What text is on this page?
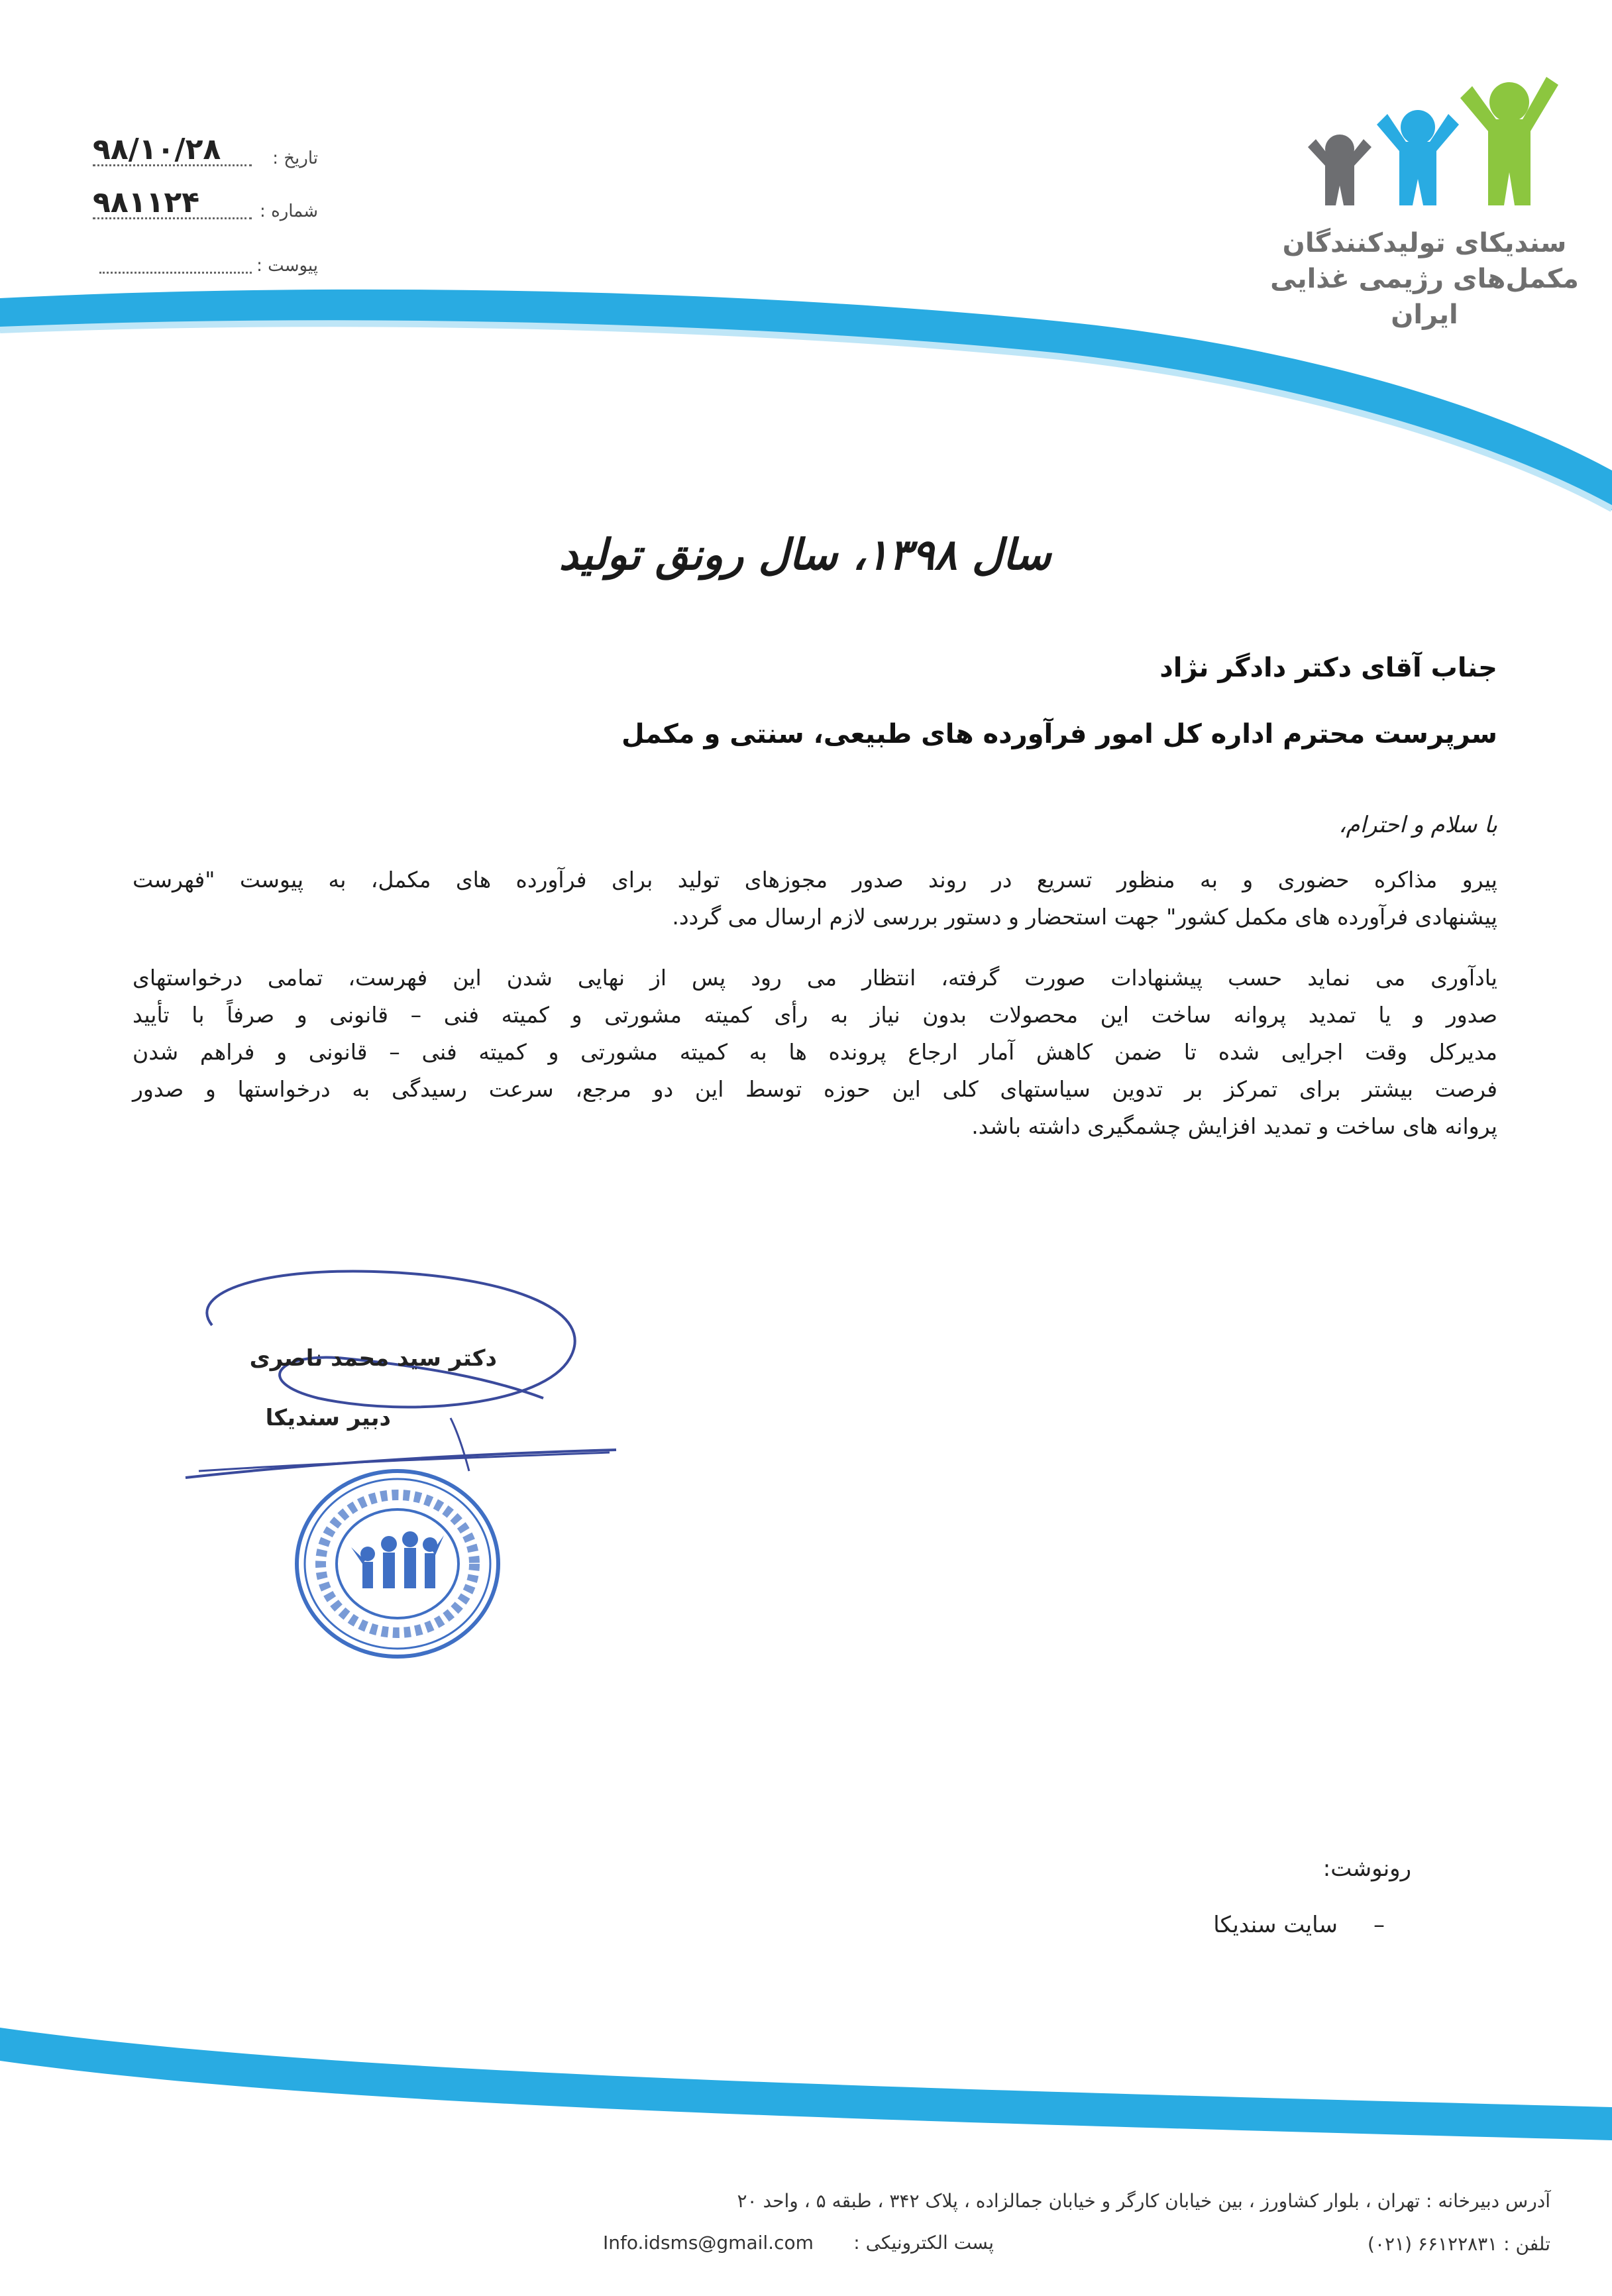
۹۸/۱۰/۲۸	تاریخ :
۹۸۱۱۲۴	شماره :
پیوست :
سندیکای تولیدکنندگان
مکمل‌های رژیمی غذایی
ایران
سال ۱۳۹۸، سال رونق تولید
جناب آقای دکتر دادگر نژاد
سرپرست محترم اداره کل امور فرآورده های طبیعی، سنتی و مکمل
با سلام و احترام،
پیرو مذاکره حضوری و به منظور تسریع در روند صدور مجوزهای تولید برای فرآورده های مکمل، به پیوست "فهرست
پیشنهادی فرآورده های مکمل کشور" جهت استحضار و دستور بررسی لازم ارسال می گردد.
یادآوری می نماید حسب پیشنهادات صورت گرفته، انتظار می رود پس از نهایی شدن این فهرست، تمامی درخواستهای
صدور و یا تمدید پروانه ساخت این محصولات بدون نیاز به رأی کمیته مشورتی و کمیته فنی – قانونی و صرفاً با تأیید
مدیرکل وقت اجرایی شده تا ضمن کاهش آمار ارجاع پرونده ها به کمیته مشورتی و کمیته فنی – قانونی و فراهم شدن
فرصت بیشتر برای تمرکز بر تدوین سیاستهای کلی این حوزه توسط این دو مرجع، سرعت رسیدگی به درخواستها و صدور
پروانه های ساخت و تمدید افزایش چشمگیری داشته باشد.
دکتر سید محمد ناصری
دبیر سندیکا
رونوشت:
–     سایت سندیکا
آدرس دبیرخانه : تهران ، بلوار کشاورز ، بین خیابان کارگر و خیابان جمالزاده ، پلاک ۳۴۲ ، طبقه ۵ ، واحد ۲۰
تلفن : ۶۶۱۲۲۸۳۱ (۰۲۱)
پست الکترونیکی :
Info.idsms@gmail.com
